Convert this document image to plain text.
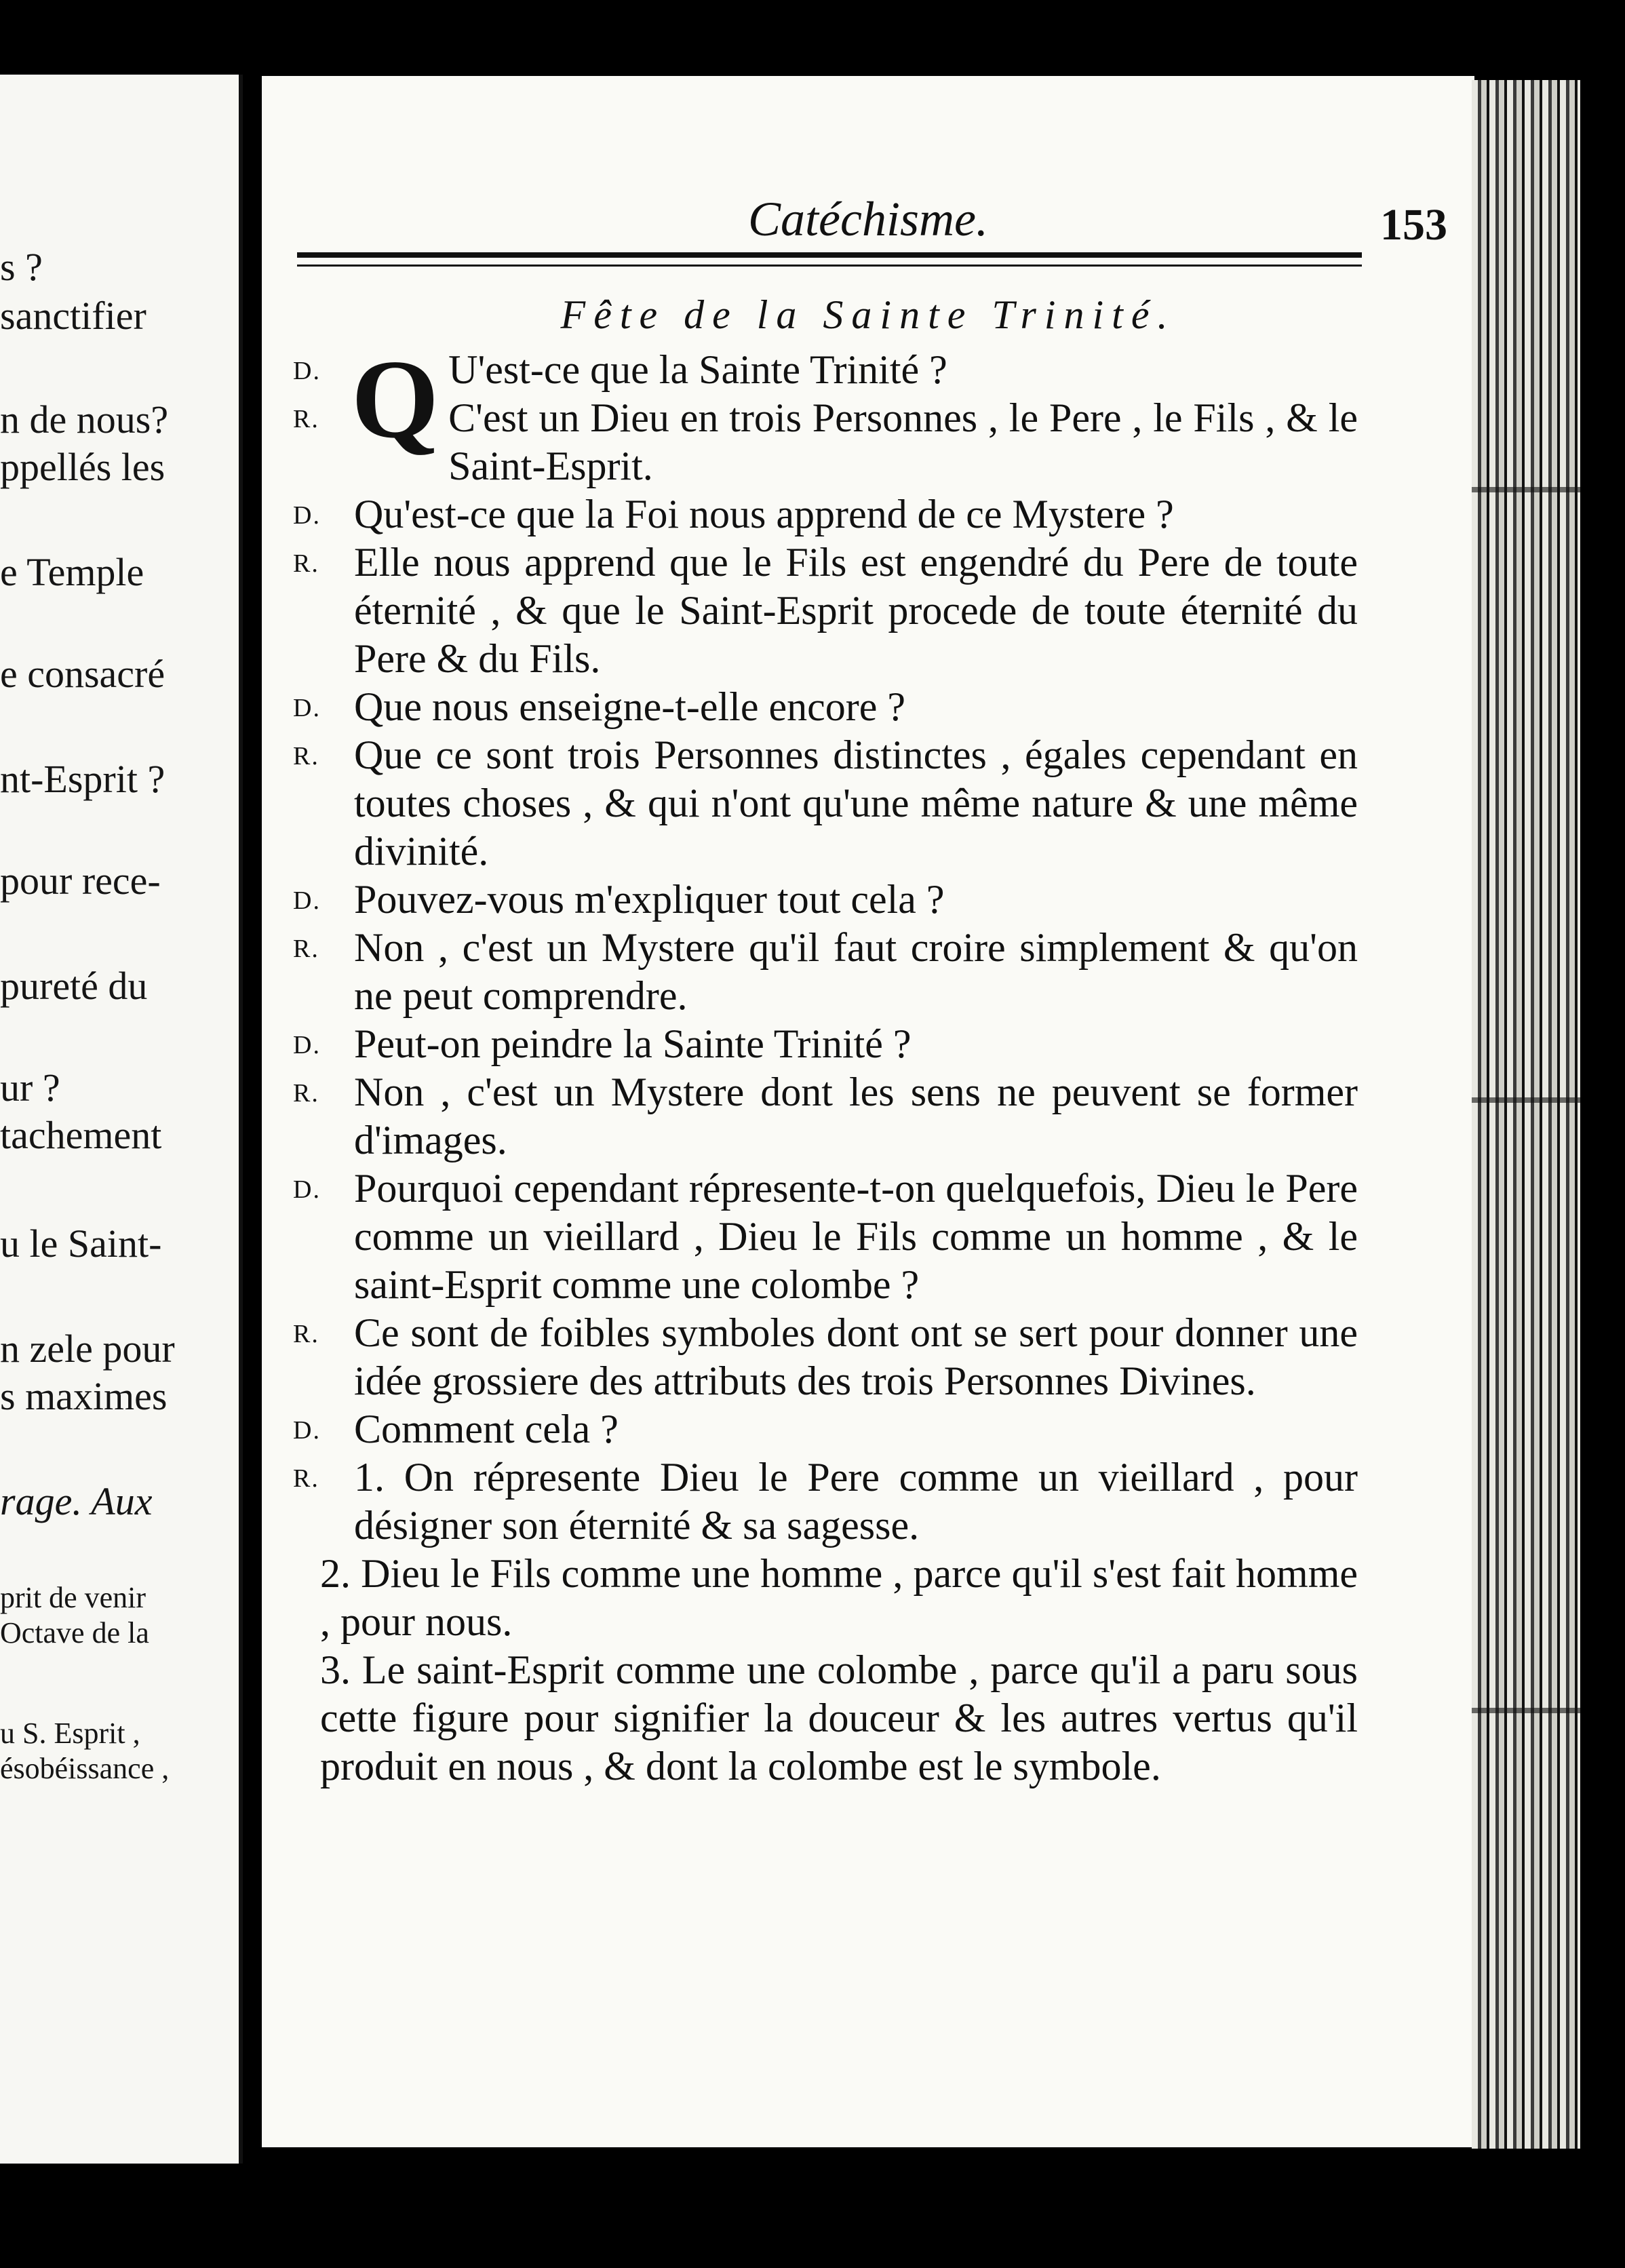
s ?
sanctifier
n de nous?
ppellés les
e Temple
e consacré
nt-Esprit ?
pour rece-
pureté du
ur ?
tachement
u le Saint-
n zele pour
s maximes
rage. Aux
prit de venir
Octave de la
u S. Esprit ,
ésobéissance ,
Catéchisme.	153
Fête de la Sainte Trinité.
D. Q U'est-ce que la Sainte Trinité ?
R.	C'est un Dieu en trois Personnes , le Pere , le Fils , & le Saint-Esprit.
D. Qu'est-ce que la Foi nous apprend de ce Mystere ?
R. Elle nous apprend que le Fils est engendré du Pere de toute éternité , & que le Saint-Esprit procede de toute éternité du Pere & du Fils.
D. Que nous enseigne-t-elle encore ?
R. Que ce sont trois Personnes distinctes , égales cependant en toutes choses , & qui n'ont qu'une même nature & une même divinité.
D. Pouvez-vous m'expliquer tout cela ?
R. Non , c'est un Mystere qu'il faut croire simplement & qu'on ne peut comprendre.
D. Peut-on peindre la Sainte Trinité ?
R. Non , c'est un Mystere dont les sens ne peuvent se former d'images.
D. Pourquoi cependant répresente-t-on quelquefois, Dieu le Pere comme un vieillard , Dieu le Fils comme un homme , & le saint-Esprit comme une colombe ?
R. Ce sont de foibles symboles dont ont se sert pour donner une idée grossiere des attributs des trois Personnes Divines.
D. Comment cela ?
R. 1. On répresente Dieu le Pere comme un vieillard , pour désigner son éternité & sa sagesse.
2. Dieu le Fils comme une homme , parce qu'il s'est fait homme , pour nous.
3. Le saint-Esprit comme une colombe , parce qu'il a paru sous cette figure pour signifier la douceur & les autres vertus qu'il produit en nous , & dont la colombe est le symbole.
